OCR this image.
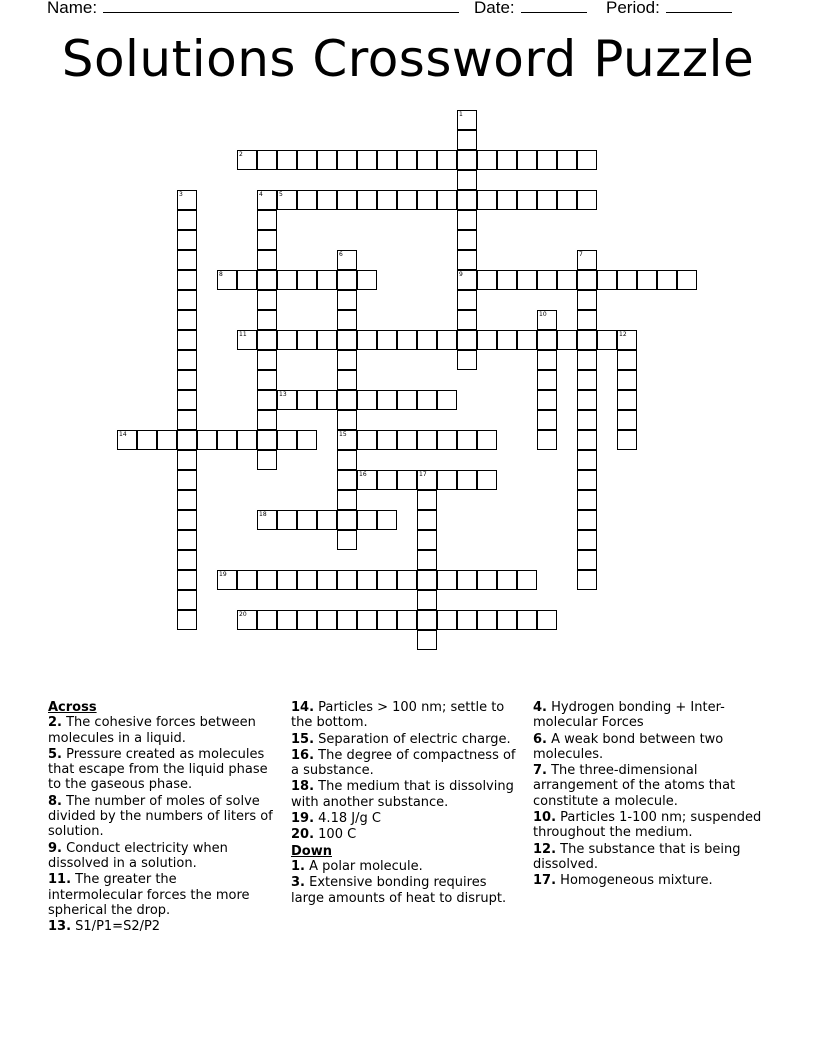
Name:	Date:	Period:
Solutions Crossword Puzzle
1
9
2
3	4	5
6
15
7
8
10
11	12
13
14
16	17
18
19
20
Across
2. The cohesive forces between molecules in a liquid.
5. Pressure created as molecules that escape from the liquid phase to the gaseous phase.
8. The number of moles of solve divided by the numbers of liters of solution.
9. Conduct electricity when dissolved in a solution.
11. The greater the intermolecular forces the more spherical the drop.
13. S1/P1=S2/P2
14. Particles > 100 nm; settle to the bottom.
15. Separation of electric charge.
16. The degree of compactness of a substance.
18. The medium that is dissolving with another substance.
19. 4.18 J/g C
20. 100 C
Down
1. A polar molecule.
3. Extensive bonding requires large amounts of heat to disrupt.
4. Hydrogen bonding + Inter-molecular Forces
6. A weak bond between two molecules.
7. The three-dimensional arrangement of the atoms that constitute a molecule.
10. Particles 1-100 nm; suspended throughout the medium.
12. The substance that is being dissolved.
17. Homogeneous mixture.
